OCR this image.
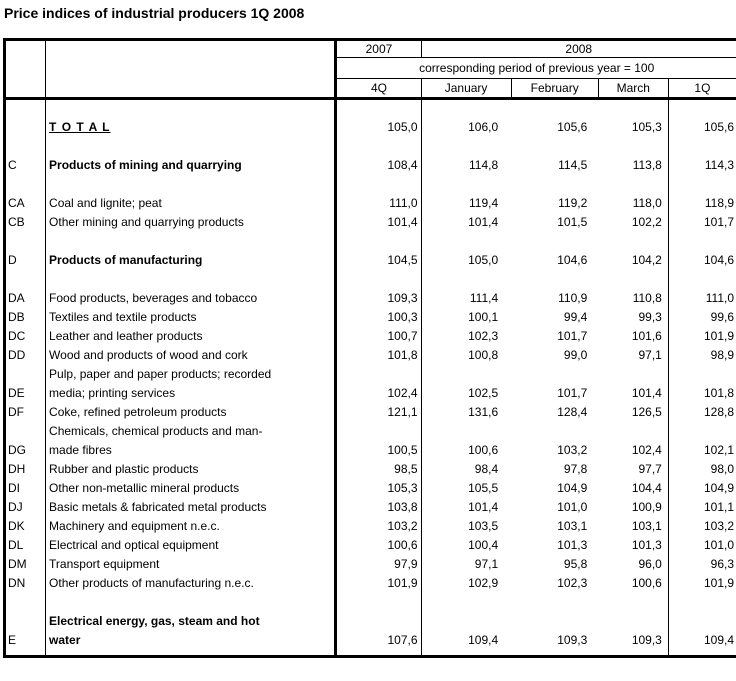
Price indices of industrial producers 1Q 2008
		2007	2008			
		corresponding period of previous year = 100				
		4Q	January	February	March	1Q

	T O T A L	105,0	106,0	105,6	105,3	105,6

C	Products of mining and quarrying	108,4	114,8	114,5	113,8	114,3

CA	Coal and lignite; peat	111,0	119,4	119,2	118,0	118,9
CB	Other mining and quarrying products	101,4	101,4	101,5	102,2	101,7

D	Products of manufacturing	104,5	105,0	104,6	104,2	104,6

DA	Food products, beverages and tobacco	109,3	111,4	110,9	110,8	111,0
DB	Textiles and textile products	100,3	100,1	99,4	99,3	99,6
DC	Leather and leather products	100,7	102,3	101,7	101,6	101,9
DD	Wood and products of wood and cork	101,8	100,8	99,0	97,1	98,9
DE	Pulp, paper and paper products; recorded
media; printing services	102,4	102,5	101,7	101,4	101,8
DF	Coke, refined petroleum products	121,1	131,6	128,4	126,5	128,8
DG	Chemicals, chemical products and man-
made fibres	100,5	100,6	103,2	102,4	102,1
DH	Rubber and plastic products	98,5	98,4	97,8	97,7	98,0
DI	Other non-metallic mineral products	105,3	105,5	104,9	104,4	104,9
DJ	Basic metals & fabricated metal products	103,8	101,4	101,0	100,9	101,1
DK	Machinery and equipment n.e.c.	103,2	103,5	103,1	103,1	103,2
DL	Electrical and optical equipment	100,6	100,4	101,3	101,3	101,0
DM	Transport equipment	97,9	97,1	95,8	96,0	96,3
DN	Other products of manufacturing n.e.c.	101,9	102,9	102,3	100,6	101,9

E	Electrical energy, gas, steam and hot
water	107,6	109,4	109,3	109,3	109,4
